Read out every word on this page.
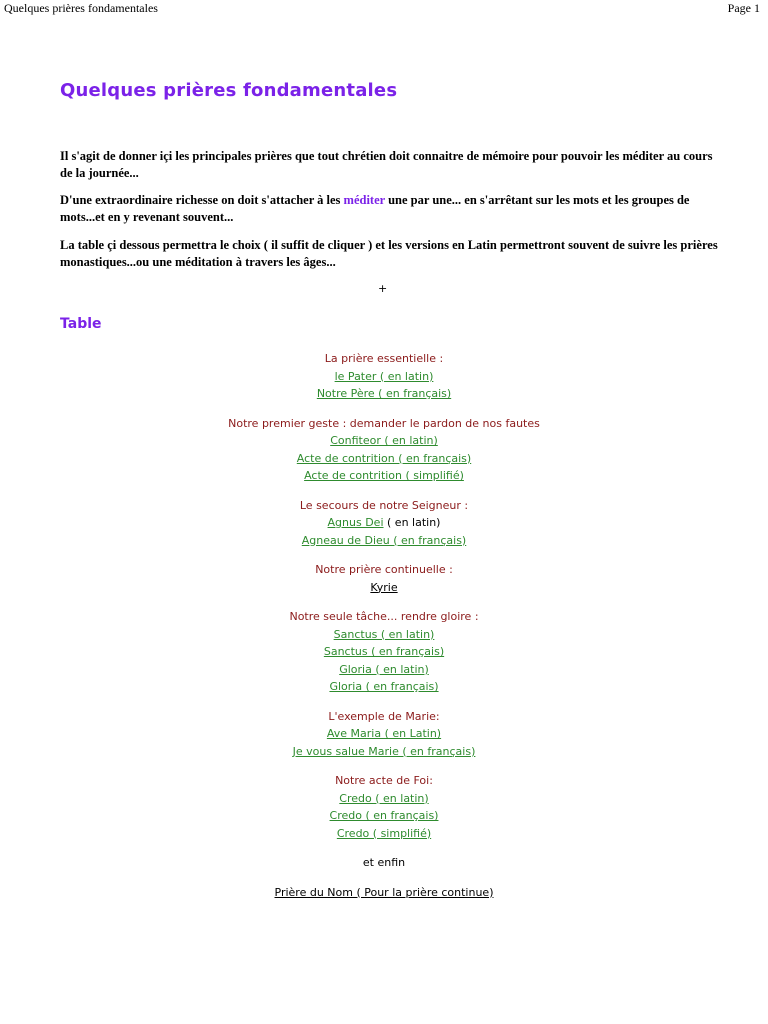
Quelques prières fondamentales	Page 1
Quelques prières fondamentales

Il s'agit de donner içi les principales prières que tout chrétien doit connaitre de mémoire pour pouvoir les méditer au cours de la journée...

D'une extraordinaire richesse on doit s'attacher à les méditer une par une... en s'arrêtant sur les mots et les groupes de mots...et en y revenant souvent...

La table çi dessous permettra le choix ( il suffit de cliquer ) et les versions en Latin permettront souvent de suivre les prières monastiques...ou une méditation à travers les âges...

+
Table
La prière essentielle :
le Pater ( en latin)
Notre Père ( en français)
Notre premier geste : demander le pardon de nos fautes
Confiteor ( en latin)
Acte de contrition ( en français)
Acte de contrition ( simplifié)
Le secours de notre Seigneur :
Agnus Dei ( en latin)
Agneau de Dieu ( en français)
Notre prière continuelle :
Kyrie
Notre seule tâche... rendre gloire :
Sanctus ( en latin)
Sanctus ( en français)
Gloria ( en latin)
Gloria ( en français)
L'exemple de Marie:
Ave Maria ( en Latin)
Je vous salue Marie ( en français)
Notre acte de Foi:
Credo ( en latin)
Credo ( en français)
Credo ( simplifié)
et enfin
Prière du Nom ( Pour la prière continue)
